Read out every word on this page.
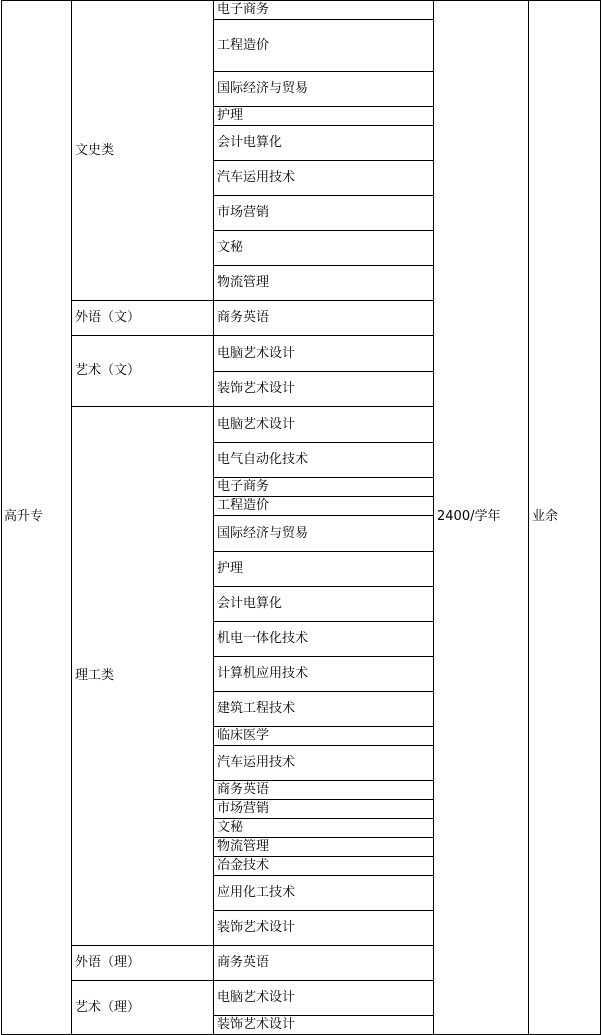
高升专	2400/学年 业余
电子商务
工程造价
国际经济与贸易
护理
会计电算化
汽车运用技术
市场营销
文秘
物流管理
文史类
商务英语
外语（文）
电脑艺术设计
装饰艺术设计
艺术（文）
电脑艺术设计
电气自动化技术
电子商务
工程造价
国际经济与贸易
护理
会计电算化
机电一体化技术
计算机应用技术
建筑工程技术
临床医学
汽车运用技术
商务英语
市场营销
文秘
物流管理
冶金技术
应用化工技术
装饰艺术设计
理工类
商务英语
外语（理）
电脑艺术设计
装饰艺术设计
艺术（理）
